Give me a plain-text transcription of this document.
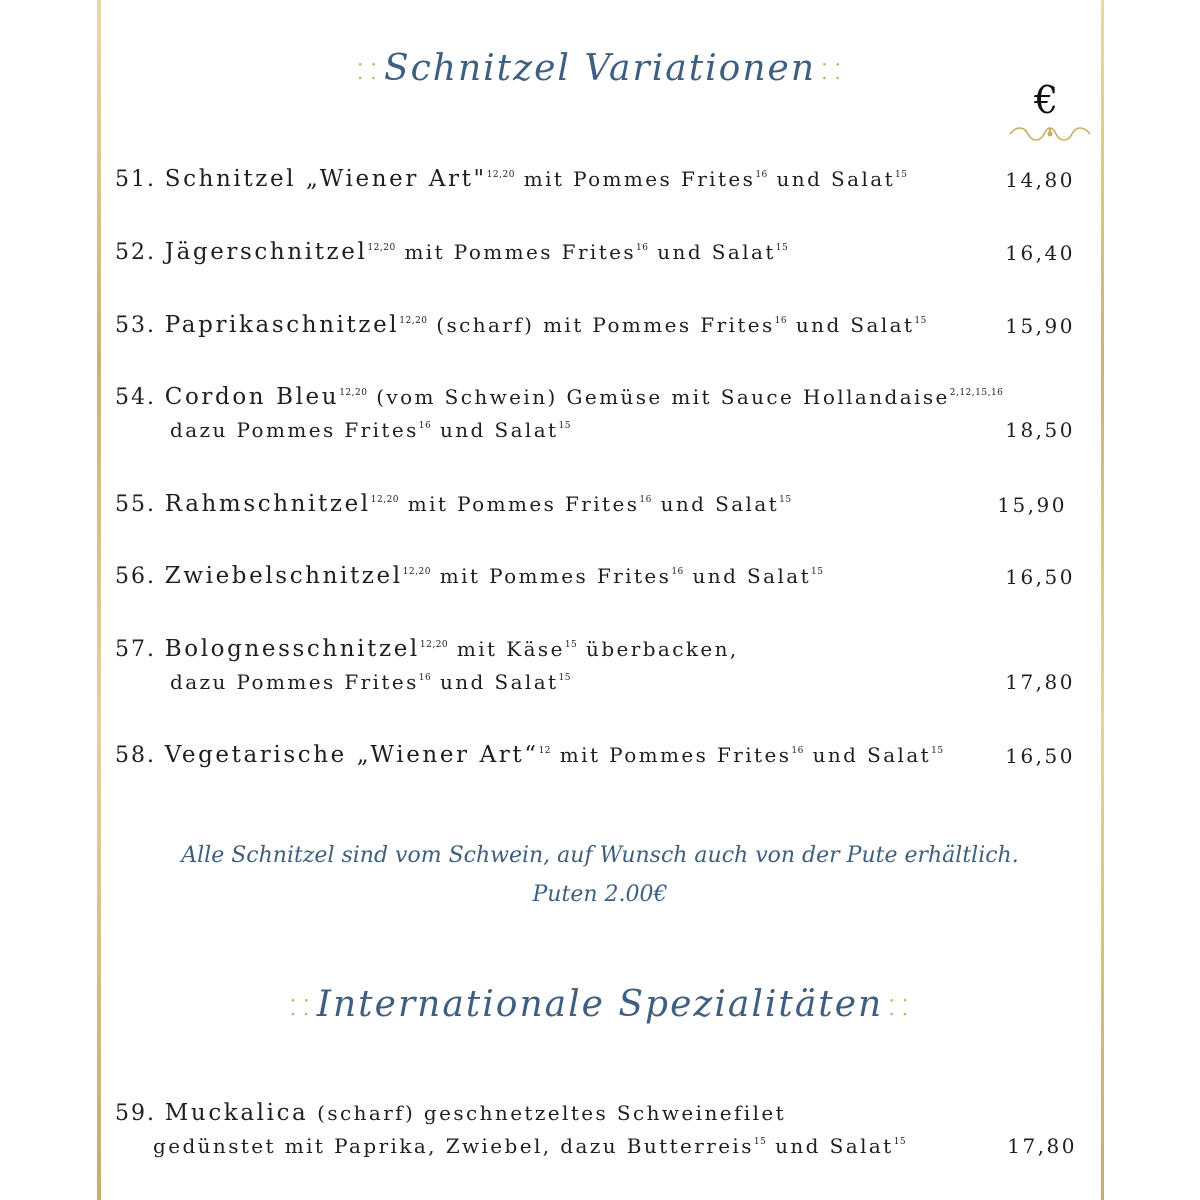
⸬ Schnitzel Variationen ⸬
€
51. Schnitzel „Wiener Art"$^{12,20}$ mit Pommes Frites$^{16}$ und Salat$^{15}$	14,80
52. Jägerschnitzel$^{12,20}$ mit Pommes Frites$^{16}$ und Salat$^{15}$	16,40
53. Paprikaschnitzel$^{12,20}$ (scharf) mit Pommes Frites$^{16}$ und Salat$^{15}$	15,90
54. Cordon Bleu$^{12,20}$ (vom Schwein) Gemüse mit Sauce Hollandaise$^{2,12,15,16}$
dazu Pommes Frites$^{16}$ und Salat$^{15}$	18,50
55. Rahmschnitzel$^{12,20}$ mit Pommes Frites$^{16}$ und Salat$^{15}$	15,90
56. Zwiebelschnitzel$^{12,20}$ mit Pommes Frites$^{16}$ und Salat$^{15}$	16,50
57. Bolognesschnitzel$^{12,20}$ mit Käse$^{15}$ überbacken,
dazu Pommes Frites$^{16}$ und Salat$^{15}$	17,80
58. Vegetarische „Wiener Art“$^{12}$ mit Pommes Frites$^{16}$ und Salat$^{15}$	16,50
Alle Schnitzel sind vom Schwein, auf Wunsch auch von der Pute erhältlich.
Puten 2.00€
⸬ Internationale Spezialitäten ⸬
59. Muckalica (scharf) geschnetzeltes Schweinefilet
gedünstet mit Paprika, Zwiebel, dazu Butterreis$^{15}$ und Salat$^{15}$	17,80
